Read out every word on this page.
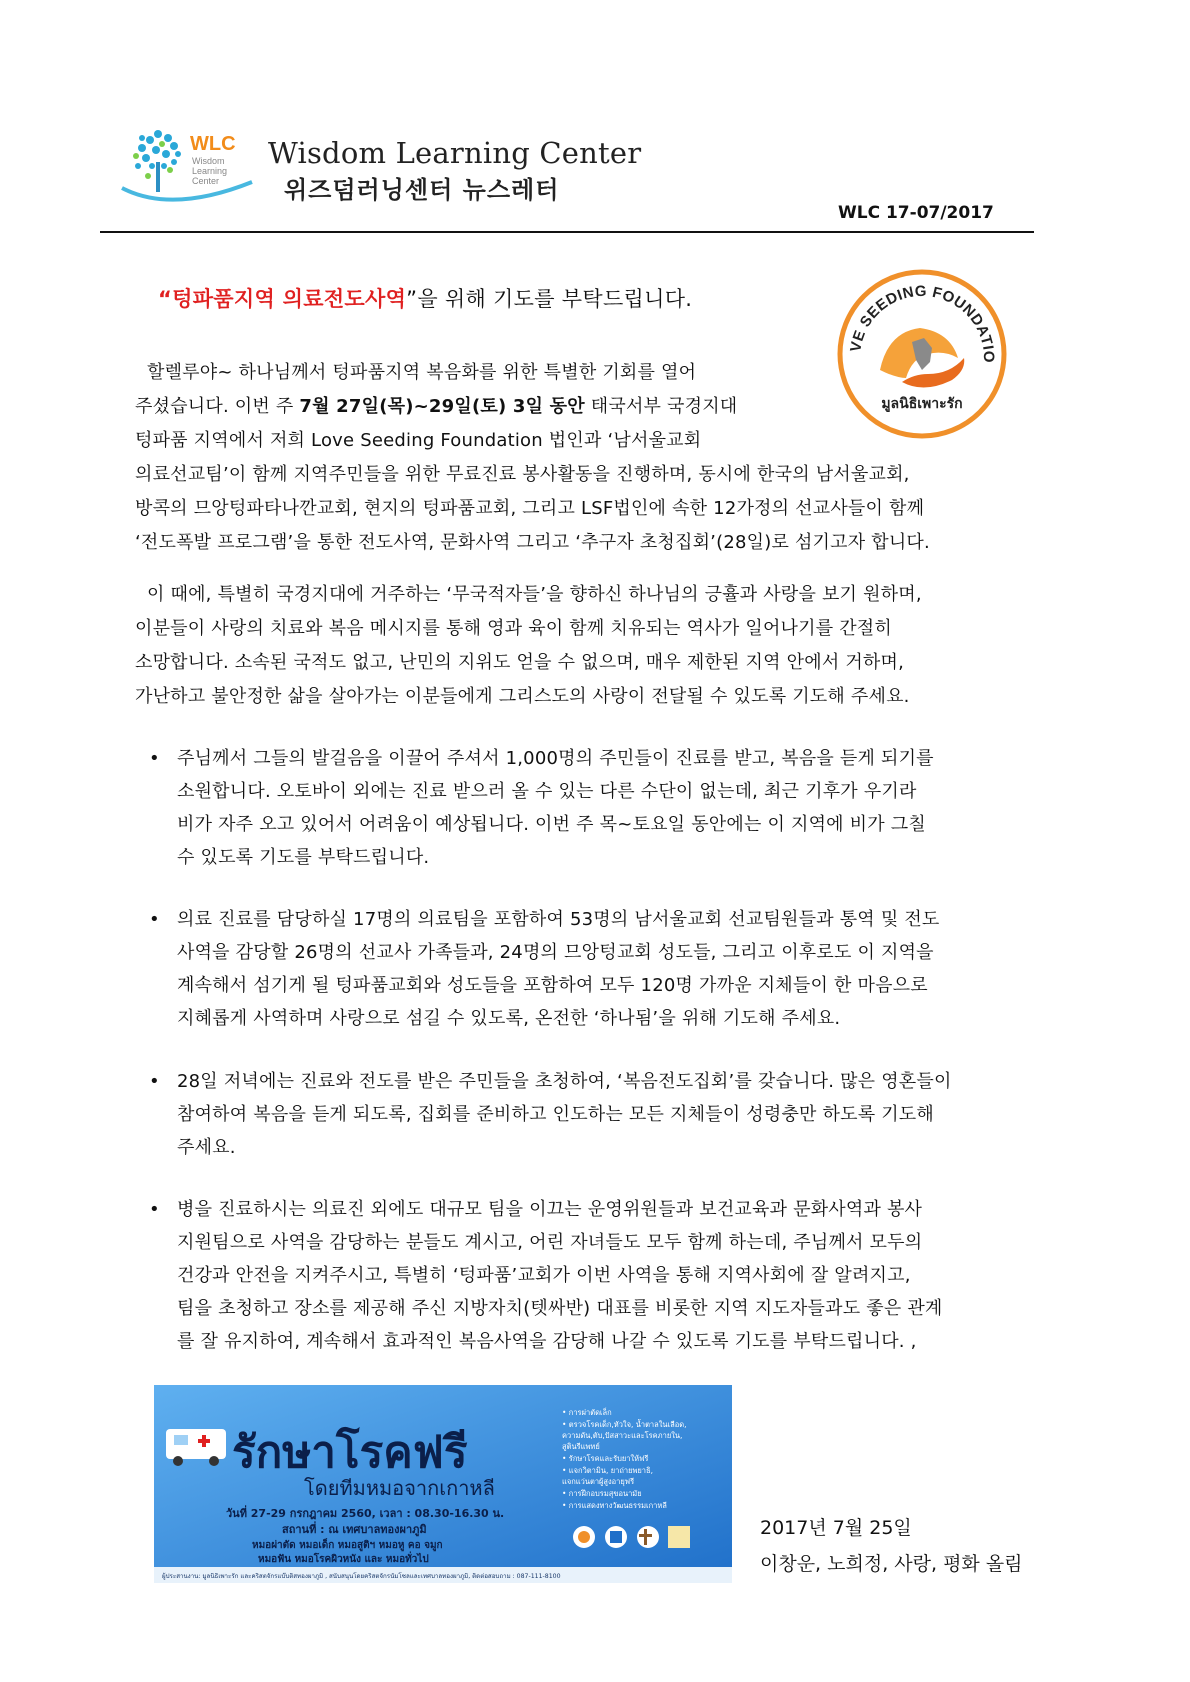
WLC
Wisdom
Learning
Center
Wisdom Learning Center
위즈덤러닝센터 뉴스레터
WLC 17-07/2017
“텅파품지역 의료전도사역”을 위해 기도를 부탁드립니다.
VE SEEDING FOUNDATIO
มูลนิธิเพาะรัก
할렐루야~ 하나님께서 텅파품지역 복음화를 위한 특별한 기회를 열어
주셨습니다. 이번 주 7월 27일(목)~29일(토) 3일 동안 태국서부 국경지대
텅파품 지역에서 저희 Love Seeding Foundation 법인과 ‘남서울교회
의료선교팀’이 함께 지역주민들을 위한 무료진료 봉사활동을 진행하며, 동시에 한국의 남서울교회,
방콕의 므앙텅파타나깐교회, 현지의 텅파품교회, 그리고 LSF법인에 속한 12가정의 선교사들이 함께
‘전도폭발 프로그램’을 통한 전도사역, 문화사역 그리고 ‘추구자 초청집회’(28일)로 섬기고자 합니다.
이 때에, 특별히 국경지대에 거주하는 ‘무국적자들’을 향하신 하나님의 긍휼과 사랑을 보기 원하며,
이분들이 사랑의 치료와 복음 메시지를 통해 영과 육이 함께 치유되는 역사가 일어나기를 간절히
소망합니다. 소속된 국적도 없고, 난민의 지위도 얻을 수 없으며, 매우 제한된 지역 안에서 거하며,
가난하고 불안정한 삶을 살아가는 이분들에게 그리스도의 사랑이 전달될 수 있도록 기도해 주세요.
• 주님께서 그들의 발걸음을 이끌어 주셔서 1,000명의 주민들이 진료를 받고, 복음을 듣게 되기를
소원합니다. 오토바이 외에는 진료 받으러 올 수 있는 다른 수단이 없는데, 최근 기후가 우기라
비가 자주 오고 있어서 어려움이 예상됩니다. 이번 주 목~토요일 동안에는 이 지역에 비가 그칠
수 있도록 기도를 부탁드립니다.
• 의료 진료를 담당하실 17명의 의료팀을 포함하여 53명의 남서울교회 선교팀원들과 통역 및 전도
사역을 감당할 26명의 선교사 가족들과, 24명의 므앙텅교회 성도들, 그리고 이후로도 이 지역을
계속해서 섬기게 될 텅파품교회와 성도들을 포함하여 모두 120명 가까운 지체들이 한 마음으로
지혜롭게 사역하며 사랑으로 섬길 수 있도록, 온전한 ‘하나됨’을 위해 기도해 주세요.
• 28일 저녁에는 진료와 전도를 받은 주민들을 초청하여, ‘복음전도집회’를 갖습니다. 많은 영혼들이
참여하여 복음을 듣게 되도록, 집회를 준비하고 인도하는 모든 지체들이 성령충만 하도록 기도해
주세요.
• 병을 진료하시는 의료진 외에도 대규모 팀을 이끄는 운영위원들과 보건교육과 문화사역과 봉사
지원팀으로 사역을 감당하는 분들도 계시고, 어린 자녀들도 모두 함께 하는데, 주님께서 모두의
건강과 안전을 지켜주시고, 특별히 ‘텅파품’교회가 이번 사역을 통해 지역사회에 잘 알려지고,
팀을 초청하고 장소를 제공해 주신 지방자치(텟싸반) 대표를 비롯한 지역 지도자들과도 좋은 관계
를 잘 유지하여, 계속해서 효과적인 복음사역을 감당해 나갈 수 있도록 기도를 부탁드립니다. ,
รักษาโรคฟรี
โดยทีมหมอจากเกาหลี
วันที่ 27-29 กรกฎาคม 2560, เวลา : 08.30-16.30 น.
สถานที่ : ณ เทศบาลทองผาภูมิ
หมอผ่าตัด หมอเด็ก หมอสูติฯ หมอหู คอ จมูก
หมอฟัน หมอโรคผิวหนัง และ หมอทั่วไป
• การผ่าตัดเล็ก
• ตรวจโรคเด็ก,หัวใจ, น้ำตาลในเลือด,
ความดัน,ตับ,ปัสสาวะและโรคภายใน,
สูตินรีแพทย์
• รักษาโรคและรับยาให้ฟรี
• แจกวิตามิน, ยาถ่ายพยาธิ,
แจกแว่นตาผู้สูงอายุฟรี
• การฝึกอบรมสุขอนามัย
• การแสดงทางวัฒนธรรมเกาหลี
ผู้ประสานงาน: มูลนิธิเพาะรัก และคริสตจักรแบ๊บติสทองผาภูมิ , สนับสนุนโดยคริสตจักรนัมโซลและเทศบาลทองผาภูมิ, ติดต่อสอบถาม : 087-111-8100
2017년 7월 25일
이창운, 노희정, 사랑, 평화 올림
